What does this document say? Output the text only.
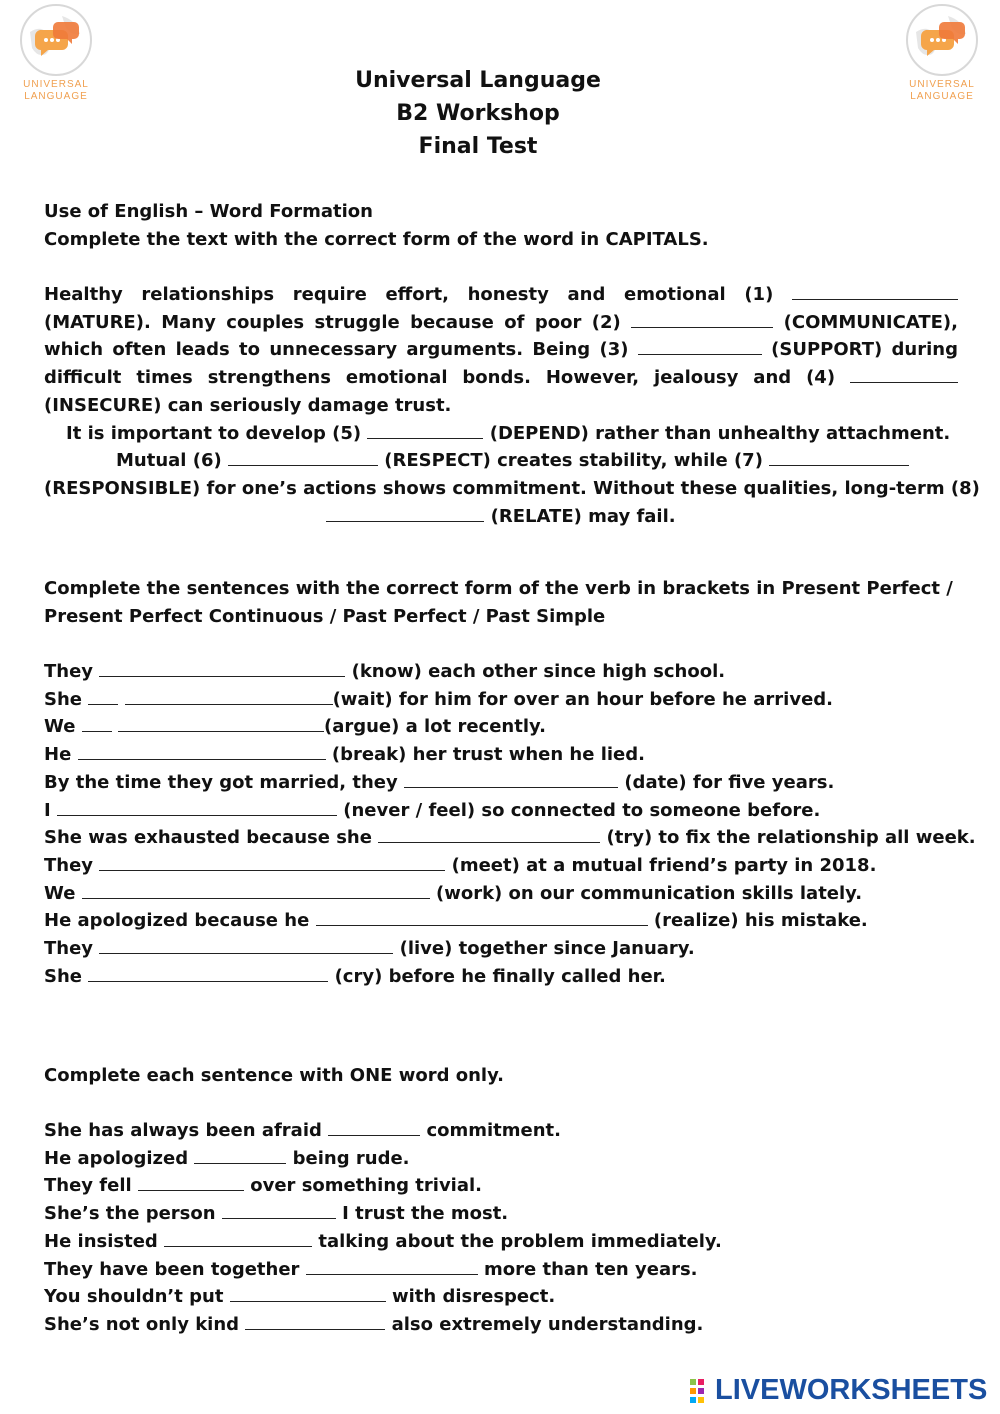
UNIVERSAL
LANGUAGE
UNIVERSAL
LANGUAGE
Universal Language
B2 Workshop
Final Test

Use of English – Word Formation

Complete the text with the correct form of the word in CAPITALS.

Healthy relationships require effort, honesty and emotional (1)

(MATURE). Many couples struggle because of poor (2)	(COMMUNICATE),

which often leads to unnecessary arguments. Being (3)	(SUPPORT) during

difficult times strengthens emotional bonds. However, jealousy and (4)

(INSECURE) can seriously damage trust.

It is important to develop (5)	(DEPEND) rather than unhealthy attachment.

Mutual (6)	(RESPECT) creates stability, while (7)

(RESPONSIBLE) for one’s actions shows commitment. Without these qualities, long-term (8)

(RELATE) may fail.

Complete the sentences with the correct form of the verb in brackets in Present Perfect /

Present Perfect Continuous / Past Perfect / Past Simple

They	(know) each other since high school.

She	(wait) for him for over an hour before he arrived.

We	(argue) a lot recently.

He	(break) her trust when he lied.

By the time they got married, they	(date) for five years.

I	(never / feel) so connected to someone before.

She was exhausted because she	(try) to fix the relationship all week.

They	(meet) at a mutual friend’s party in 2018.

We	(work) on our communication skills lately.

He apologized because he	(realize) his mistake.

They	(live) together since January.

She	(cry) before he finally called her.

Complete each sentence with ONE word only.

She has always been afraid	commitment.

He apologized	being rude.

They fell	over something trivial.

She’s the person	I trust the most.

He insisted	talking about the problem immediately.

They have been together	more than ten years.

You shouldn’t put	with disrespect.

She’s not only kind	also extremely understanding.

LIVEWORKSHEETS
